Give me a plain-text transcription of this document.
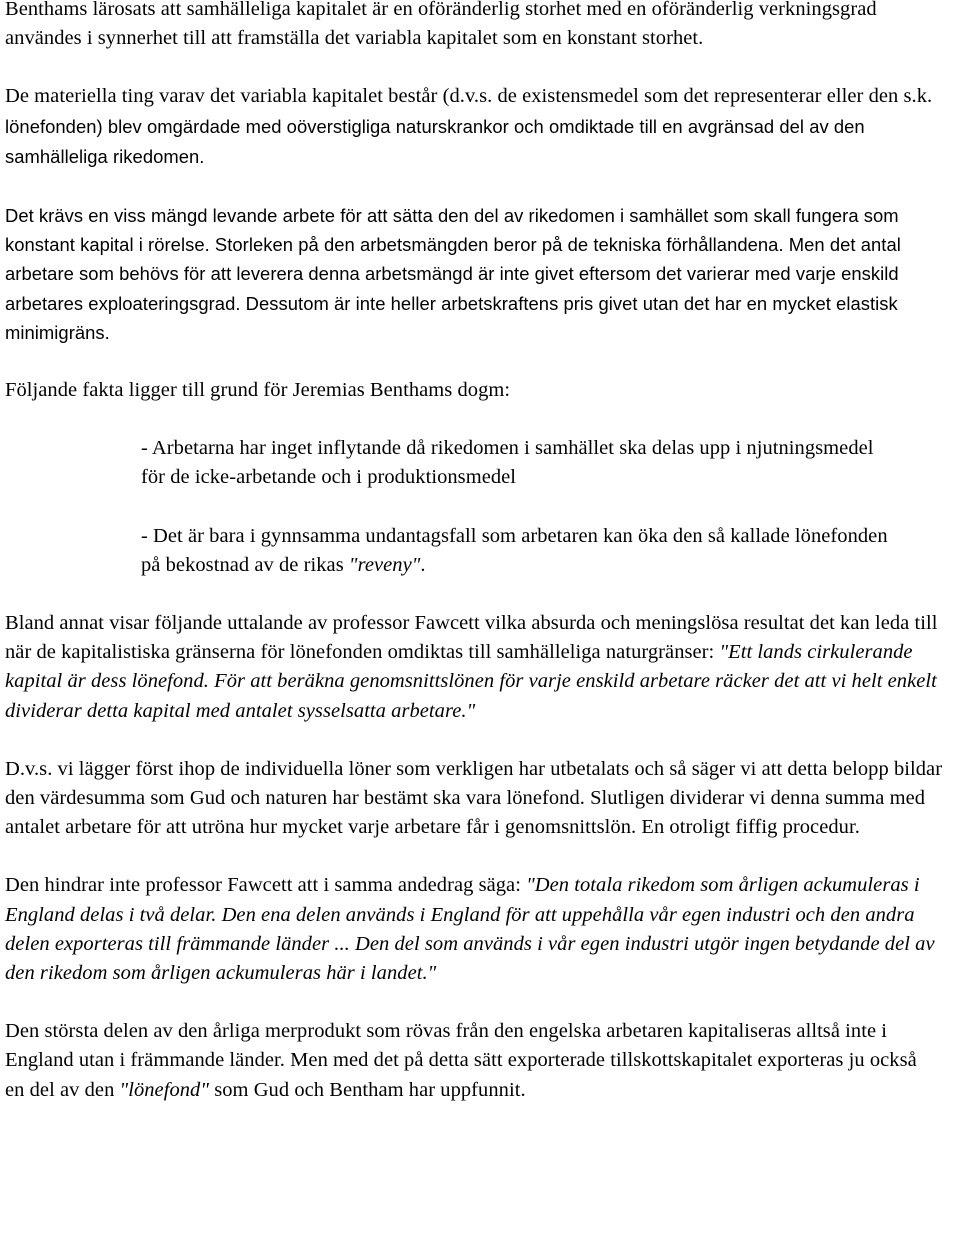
Benthams lärosats att samhälleliga kapitalet är en oföränderlig storhet med en oföränderlig verkningsgrad användes i synnerhet till att framställa det variabla kapitalet som en konstant storhet.

De materiella ting varav det variabla kapitalet består (d.v.s. de existensmedel som det representerar eller den s.k. lönefonden) blev omgärdade med oöverstigliga naturskrankor och omdiktade till en avgränsad del av den samhälleliga rikedomen.

Det krävs en viss mängd levande arbete för att sätta den del av rikedomen i samhället som skall fungera som konstant kapital i rörelse. Storleken på den arbetsmängden beror på de tekniska förhållandena. Men det antal arbetare som behövs för att leverera denna arbetsmängd är inte givet eftersom det varierar med varje enskild arbetares exploateringsgrad. Dessutom är inte heller arbetskraftens pris givet utan det har en mycket elastisk minimigräns.

Följande fakta ligger till grund för Jeremias Benthams dogm:

- Arbetarna har inget inflytande då rikedomen i samhället ska delas upp i njutningsmedel för de icke-arbetande och i produktionsmedel

- Det är bara i gynnsamma undantagsfall som arbetaren kan öka den så kallade lönefonden på bekostnad av de rikas "reveny".

Bland annat visar följande uttalande av professor Fawcett vilka absurda och meningslösa resultat det kan leda till när de kapitalistiska gränserna för lönefonden omdiktas till samhälleliga naturgränser: "Ett lands cirkulerande kapital är dess lönefond. För att beräkna genomsnittslönen för varje enskild arbetare räcker det att vi helt enkelt dividerar detta kapital med antalet sysselsatta arbetare."

D.v.s. vi lägger först ihop de individuella löner som verkligen har utbetalats och så säger vi att detta belopp bildar den värdesumma som Gud och naturen har bestämt ska vara lönefond. Slutligen dividerar vi denna summa med antalet arbetare för att utröna hur mycket varje arbetare får i genomsnittslön. En otroligt fiffig procedur.

Den hindrar inte professor Fawcett att i samma andedrag säga: "Den totala rikedom som årligen ackumuleras i England delas i två delar. Den ena delen används i England för att uppehålla vår egen industri och den andra delen exporteras till främmande länder ... Den del som används i vår egen industri utgör ingen betydande del av den rikedom som årligen ackumuleras här i landet."

Den största delen av den årliga merprodukt som rövas från den engelska arbetaren kapitaliseras alltså inte i England utan i främmande länder. Men med det på detta sätt exporterade tillskottskapitalet exporteras ju också en del av den "lönefond" som Gud och Bentham har uppfunnit.
